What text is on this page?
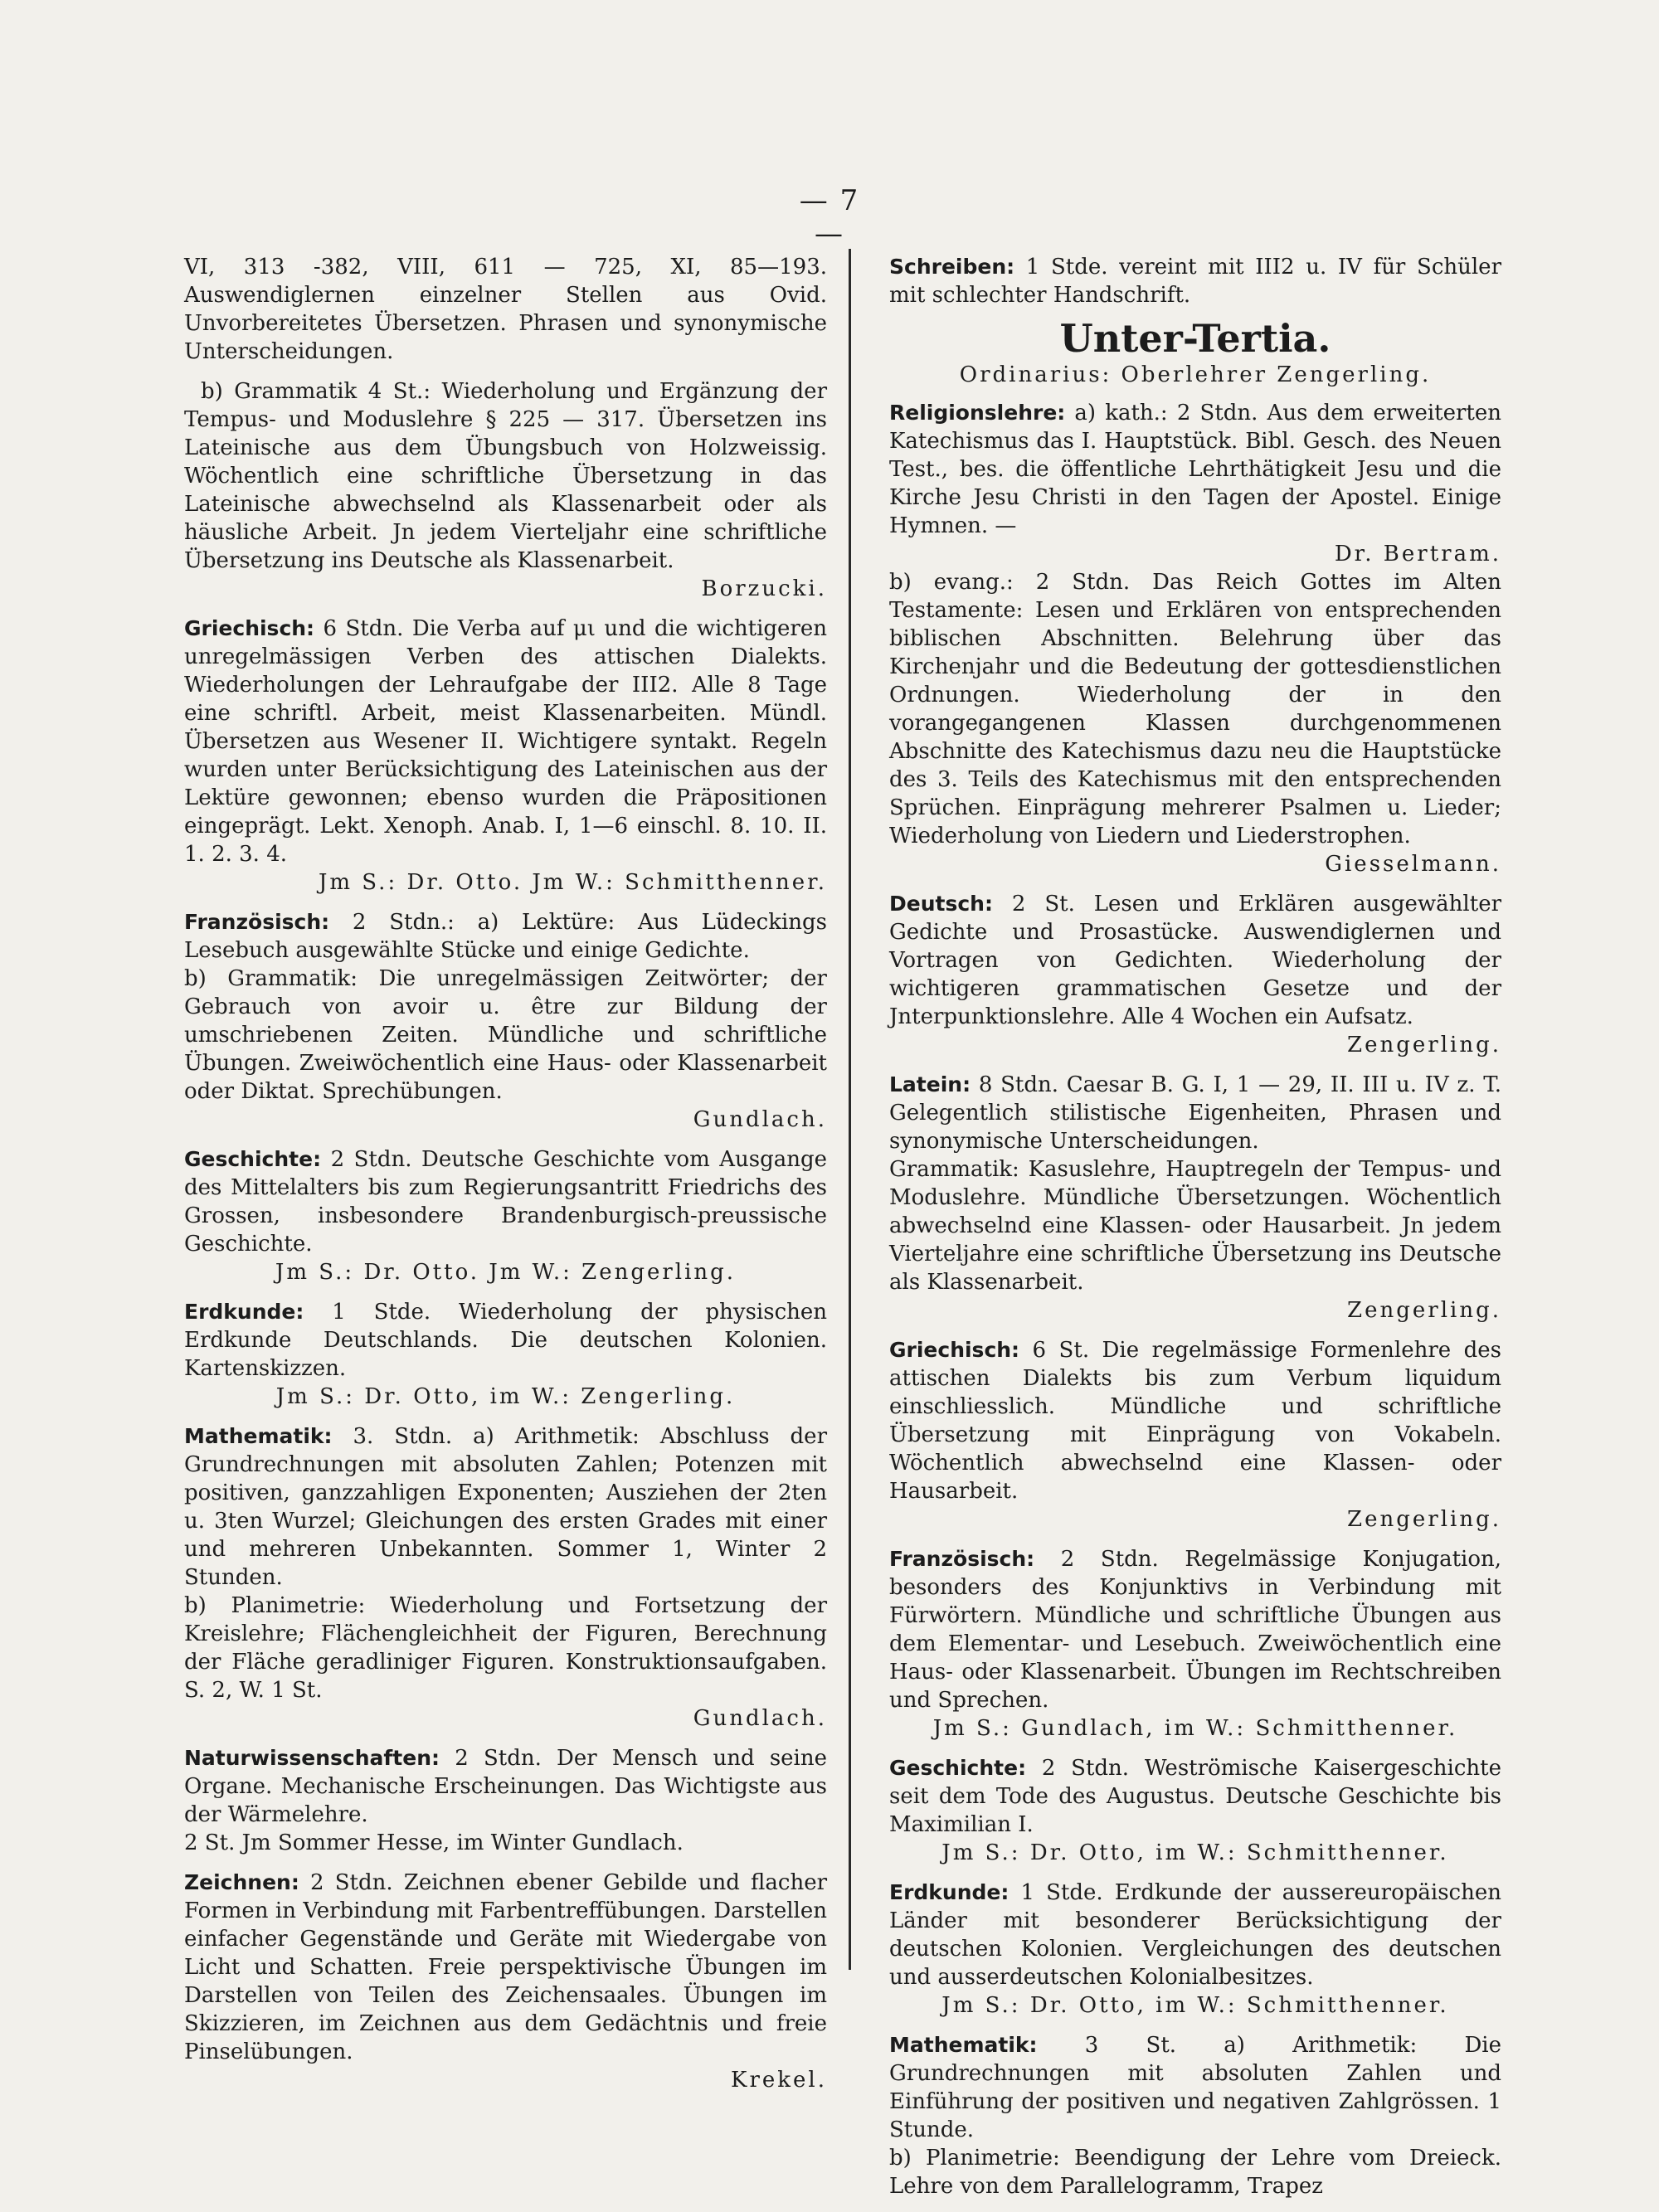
— 7 —

VI, 313 -382, VIII, 611 — 725, XI, 85—193. Auswendiglernen einzelner Stellen aus Ovid. Unvorbereitetes Übersetzen. Phrasen und synonymische Unterscheidungen.

b) Grammatik 4 St.: Wiederholung und Ergänzung der Tempus- und Moduslehre § 225 — 317. Übersetzen ins Lateinische aus dem Übungsbuch von Holzweissig. Wöchentlich eine schriftliche Übersetzung in das Lateinische abwechselnd als Klassenarbeit oder als häusliche Arbeit. Jn jedem Vierteljahr eine schriftliche Übersetzung ins Deutsche als Klassenarbeit.
Borzucki.

Griechisch: 6 Stdn. Die Verba auf μι und die wichtigeren unregelmässigen Verben des attischen Dialekts. Wiederholungen der Lehraufgabe der III2. Alle 8 Tage eine schriftl. Arbeit, meist Klassenarbeiten. Mündl. Übersetzen aus Wesener II. Wichtigere syntakt. Regeln wurden unter Berücksichtigung des Lateinischen aus der Lektüre gewonnen; ebenso wurden die Präpositionen eingeprägt. Lekt. Xenoph. Anab. I, 1—6 einschl. 8. 10. II. 1. 2. 3. 4.
Jm S.: Dr. Otto. Jm W.: Schmitthenner.

Französisch: 2 Stdn.: a) Lektüre: Aus Lüdeckings Lesebuch ausgewählte Stücke und einige Gedichte.
b) Grammatik: Die unregelmässigen Zeitwörter; der Gebrauch von avoir u. être zur Bildung der umschriebenen Zeiten. Mündliche und schriftliche Übungen. Zweiwöchentlich eine Haus- oder Klassenarbeit oder Diktat. Sprechübungen.
Gundlach.

Geschichte: 2 Stdn. Deutsche Geschichte vom Ausgange des Mittelalters bis zum Regierungsantritt Friedrichs des Grossen, insbesondere Brandenburgisch-preussische Geschichte.
Jm S.: Dr. Otto. Jm W.: Zengerling.

Erdkunde: 1 Stde. Wiederholung der physischen Erdkunde Deutschlands. Die deutschen Kolonien. Kartenskizzen.
Jm S.: Dr. Otto, im W.: Zengerling.

Mathematik: 3. Stdn. a) Arithmetik: Abschluss der Grundrechnungen mit absoluten Zahlen; Potenzen mit positiven, ganzzahligen Exponenten; Ausziehen der 2ten u. 3ten Wurzel; Gleichungen des ersten Grades mit einer und mehreren Unbekannten. Sommer 1, Winter 2 Stunden.
b) Planimetrie: Wiederholung und Fortsetzung der Kreislehre; Flächengleichheit der Figuren, Berechnung der Fläche geradliniger Figuren. Konstruktionsaufgaben. S. 2, W. 1 St.
Gundlach.

Naturwissenschaften: 2 Stdn. Der Mensch und seine Organe. Mechanische Erscheinungen. Das Wichtigste aus der Wärmelehre.
2 St. Jm Sommer Hesse, im Winter Gundlach.

Zeichnen: 2 Stdn. Zeichnen ebener Gebilde und flacher Formen in Verbindung mit Farbentreffübungen. Darstellen einfacher Gegenstände und Geräte mit Wiedergabe von Licht und Schatten. Freie perspektivische Übungen im Darstellen von Teilen des Zeichensaales. Übungen im Skizzieren, im Zeichnen aus dem Gedächtnis und freie Pinselübungen.
Krekel.

Schreiben: 1 Stde. vereint mit III2 u. IV für Schüler mit schlechter Handschrift.

Unter-Tertia.

Ordinarius: Oberlehrer Zengerling.

Religionslehre: a) kath.: 2 Stdn. Aus dem erweiterten Katechismus das I. Hauptstück. Bibl. Gesch. des Neuen Test., bes. die öffentliche Lehrthätigkeit Jesu und die Kirche Jesu Christi in den Tagen der Apostel. Einige Hymnen. —
Dr. Bertram.
b) evang.: 2 Stdn. Das Reich Gottes im Alten Testamente: Lesen und Erklären von entsprechenden biblischen Abschnitten. Belehrung über das Kirchenjahr und die Bedeutung der gottesdienstlichen Ordnungen. Wiederholung der in den vorangegangenen Klassen durchgenommenen Abschnitte des Katechismus dazu neu die Hauptstücke des 3. Teils des Katechismus mit den entsprechenden Sprüchen. Einprägung mehrerer Psalmen u. Lieder; Wiederholung von Liedern und Liederstrophen.
Giesselmann.

Deutsch: 2 St. Lesen und Erklären ausgewählter Gedichte und Prosastücke. Auswendiglernen und Vortragen von Gedichten. Wiederholung der wichtigeren grammatischen Gesetze und der Jnterpunktionslehre. Alle 4 Wochen ein Aufsatz.
Zengerling.

Latein: 8 Stdn. Caesar B. G. I, 1 — 29, II. III u. IV z. T. Gelegentlich stilistische Eigenheiten, Phrasen und synonymische Unterscheidungen.
Grammatik: Kasuslehre, Hauptregeln der Tempus- und Moduslehre. Mündliche Übersetzungen. Wöchentlich abwechselnd eine Klassen- oder Hausarbeit. Jn jedem Vierteljahre eine schriftliche Übersetzung ins Deutsche als Klassenarbeit.
Zengerling.

Griechisch: 6 St. Die regelmässige Formenlehre des attischen Dialekts bis zum Verbum liquidum einschliesslich. Mündliche und schriftliche Übersetzung mit Einprägung von Vokabeln. Wöchentlich abwechselnd eine Klassen- oder Hausarbeit.
Zengerling.

Französisch: 2 Stdn. Regelmässige Konjugation, besonders des Konjunktivs in Verbindung mit Fürwörtern. Mündliche und schriftliche Übungen aus dem Elementar- und Lesebuch. Zweiwöchentlich eine Haus- oder Klassenarbeit. Übungen im Rechtschreiben und Sprechen.
Jm S.: Gundlach, im W.: Schmitthenner.

Geschichte: 2 Stdn. Weströmische Kaisergeschichte seit dem Tode des Augustus. Deutsche Geschichte bis Maximilian I.
Jm S.: Dr. Otto, im W.: Schmitthenner.

Erdkunde: 1 Stde. Erdkunde der aussereuropäischen Länder mit besonderer Berücksichtigung der deutschen Kolonien. Vergleichungen des deutschen und ausserdeutschen Kolonialbesitzes.
Jm S.: Dr. Otto, im W.: Schmitthenner.

Mathematik: 3 St. a) Arithmetik: Die Grundrechnungen mit absoluten Zahlen und Einführung der positiven und negativen Zahlgrössen. 1 Stunde.
b) Planimetrie: Beendigung der Lehre vom Dreieck. Lehre von dem Parallelogramm, Trapez
